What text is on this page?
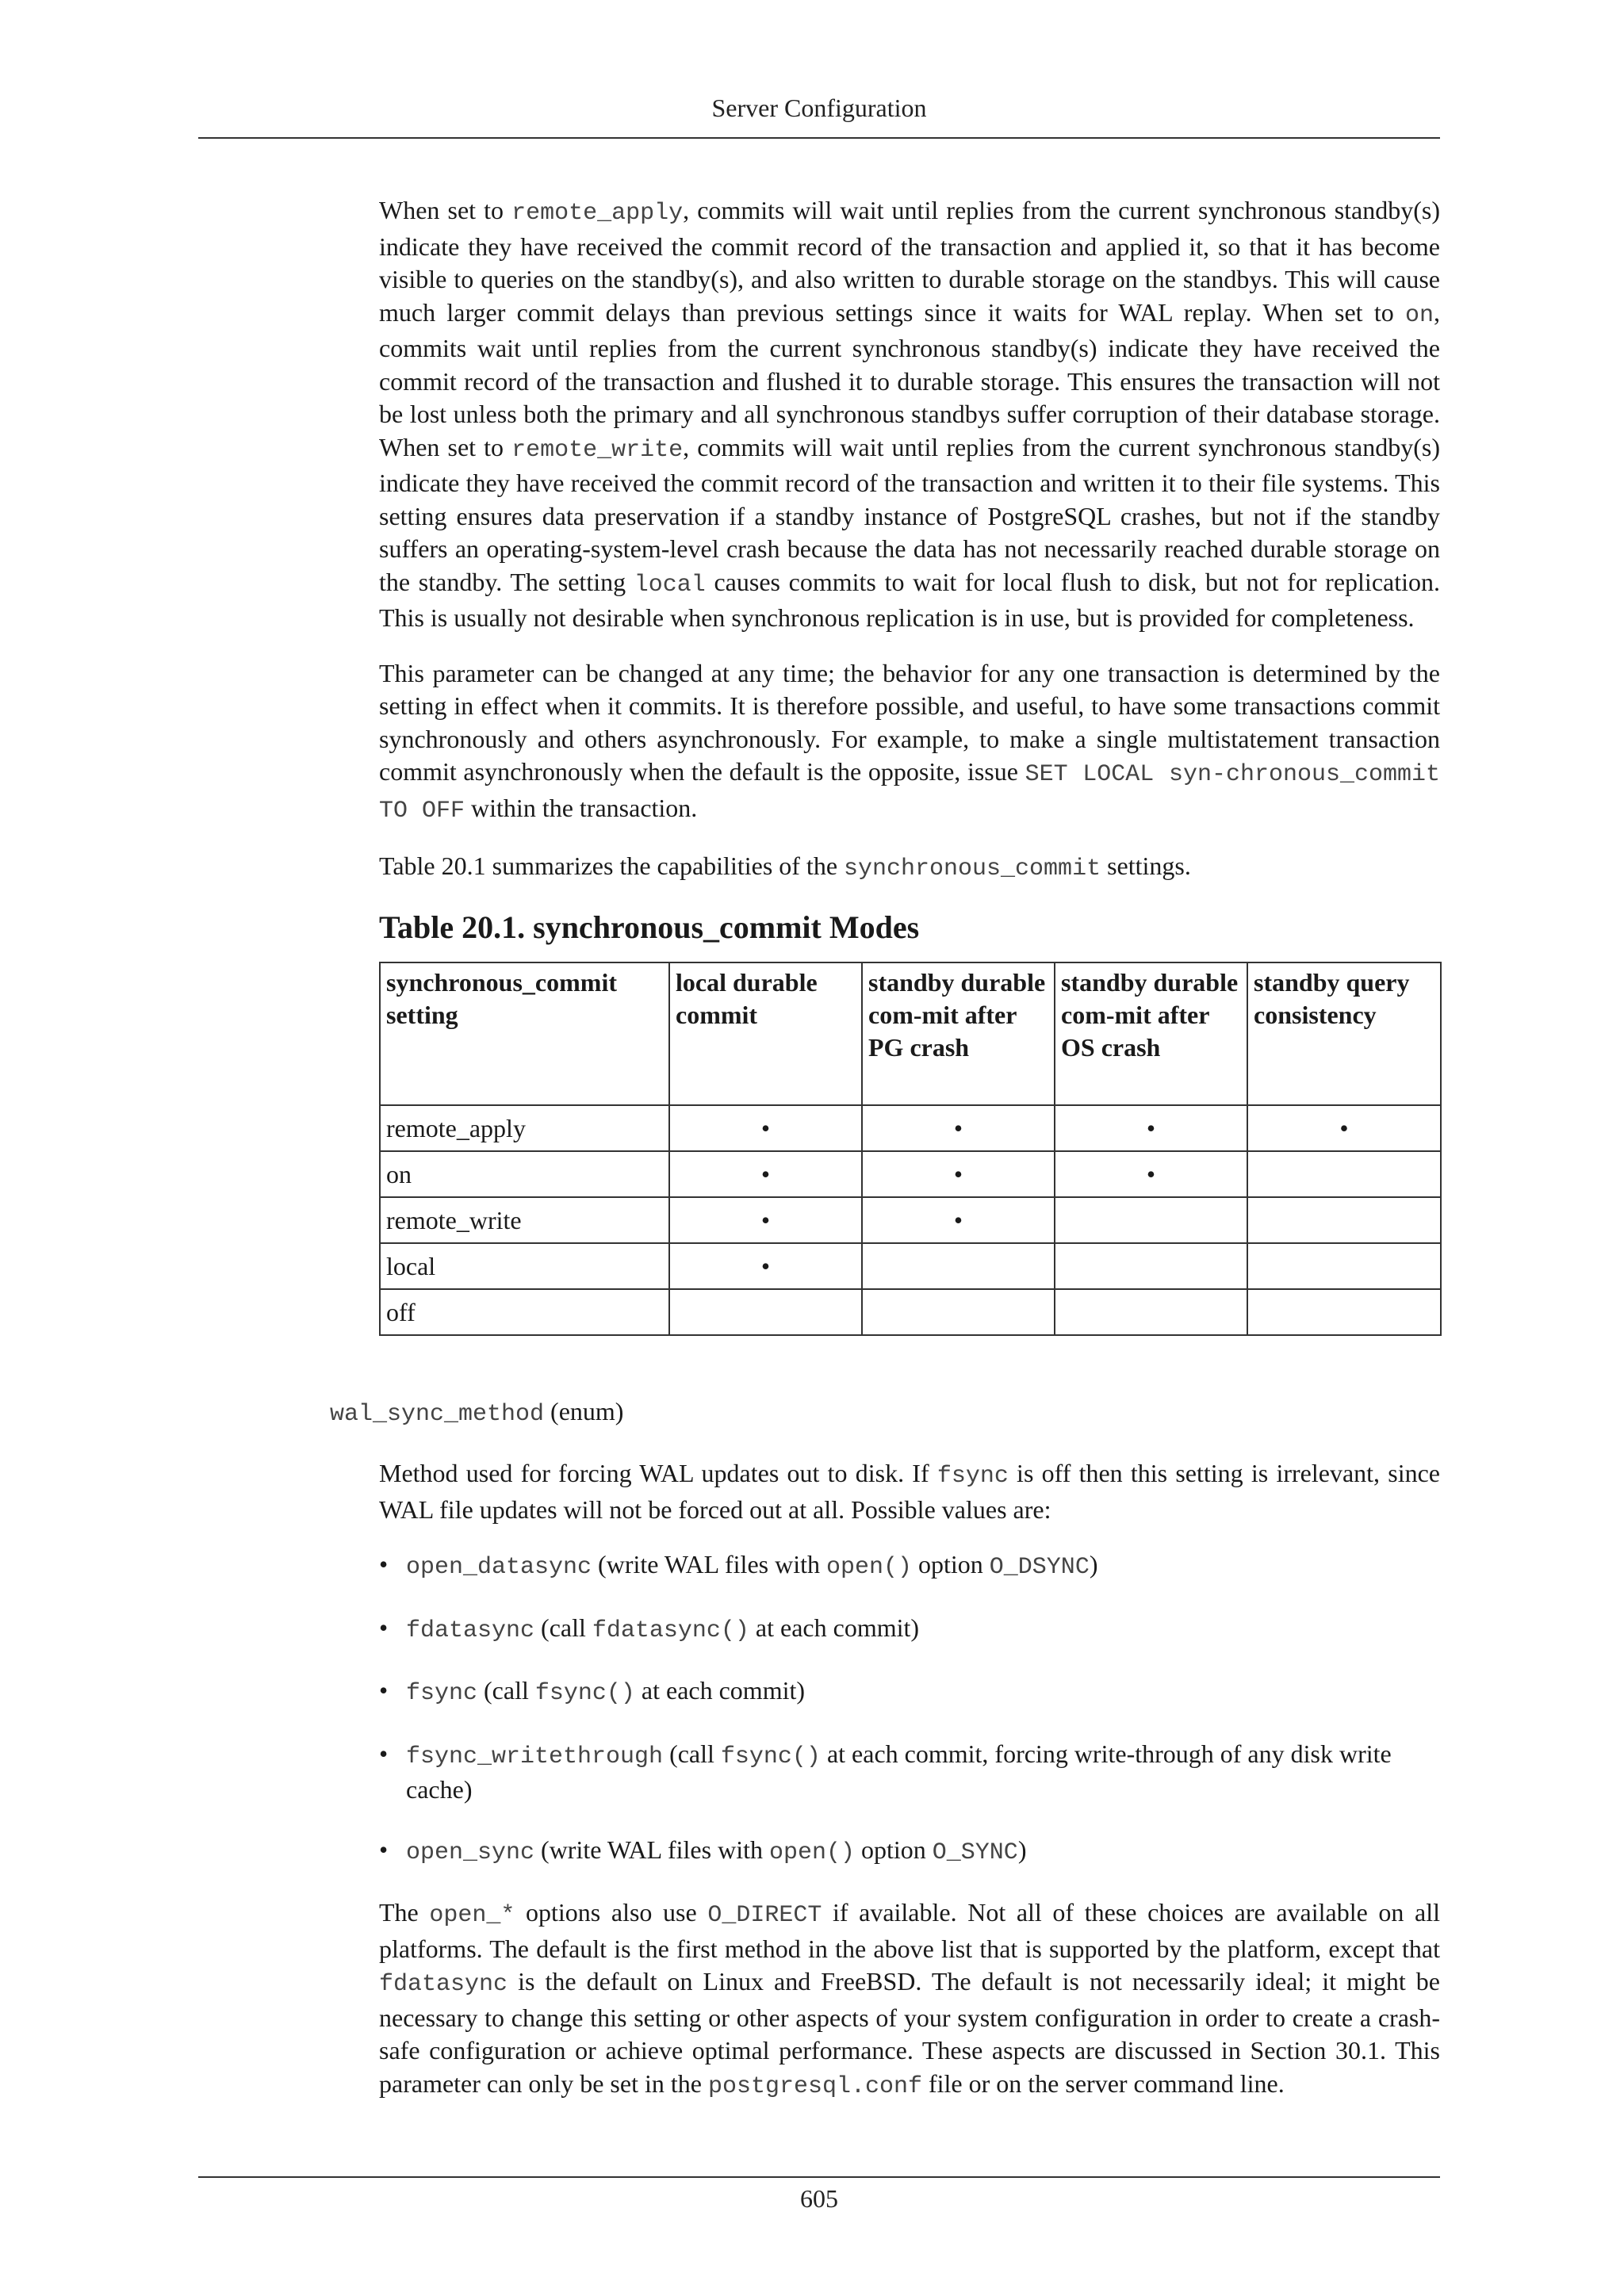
Server Configuration

When set to remote_apply, commits will wait until replies from the current synchronous standby(s) indicate they have received the commit record of the transaction and applied it, so that it has become visible to queries on the standby(s), and also written to durable storage on the standbys. This will cause much larger commit delays than previous settings since it waits for WAL replay. When set to on, commits wait until replies from the current synchronous standby(s) indicate they have received the commit record of the transaction and flushed it to durable storage. This ensures the transaction will not be lost unless both the primary and all synchronous standbys suffer corruption of their database storage. When set to remote_write, commits will wait until replies from the current synchronous standby(s) indicate they have received the commit record of the transaction and written it to their file systems. This setting ensures data preservation if a standby instance of PostgreSQL crashes, but not if the standby suffers an operating-system-level crash because the data has not necessarily reached durable storage on the standby. The setting local causes commits to wait for local flush to disk, but not for replication. This is usually not desirable when synchronous replication is in use, but is provided for completeness.

This parameter can be changed at any time; the behavior for any one transaction is determined by the setting in effect when it commits. It is therefore possible, and useful, to have some transactions commit synchronously and others asynchronously. For example, to make a single multistatement transaction commit asynchronously when the default is the opposite, issue SET LOCAL syn-chronous_commit TO OFF within the transaction.

Table 20.1 summarizes the capabilities of the synchronous_commit settings.

Table 20.1. synchronous_commit Modes
synchronous_commit setting	local durable commit	standby durable com-mit after PG crash	standby durable com-mit after OS crash	standby query consistency
remote_apply	•	•	•	•
on	•	•	•	
remote_write	•	•		
local	•			
off				
wal_sync_method (enum)

Method used for forcing WAL updates out to disk. If fsync is off then this setting is irrelevant, since WAL file updates will not be forced out at all. Possible values are:

• open_datasync (write WAL files with open() option O_DSYNC)
• fdatasync (call fdatasync() at each commit)
• fsync (call fsync() at each commit)
• fsync_writethrough (call fsync() at each commit, forcing write-through of any disk write cache)
• open_sync (write WAL files with open() option O_SYNC)

The open_* options also use O_DIRECT if available. Not all of these choices are available on all platforms. The default is the first method in the above list that is supported by the platform, except that fdatasync is the default on Linux and FreeBSD. The default is not necessarily ideal; it might be necessary to change this setting or other aspects of your system configuration in order to create a crash-safe configuration or achieve optimal performance. These aspects are discussed in Section 30.1. This parameter can only be set in the postgresql.conf file or on the server command line.

605
